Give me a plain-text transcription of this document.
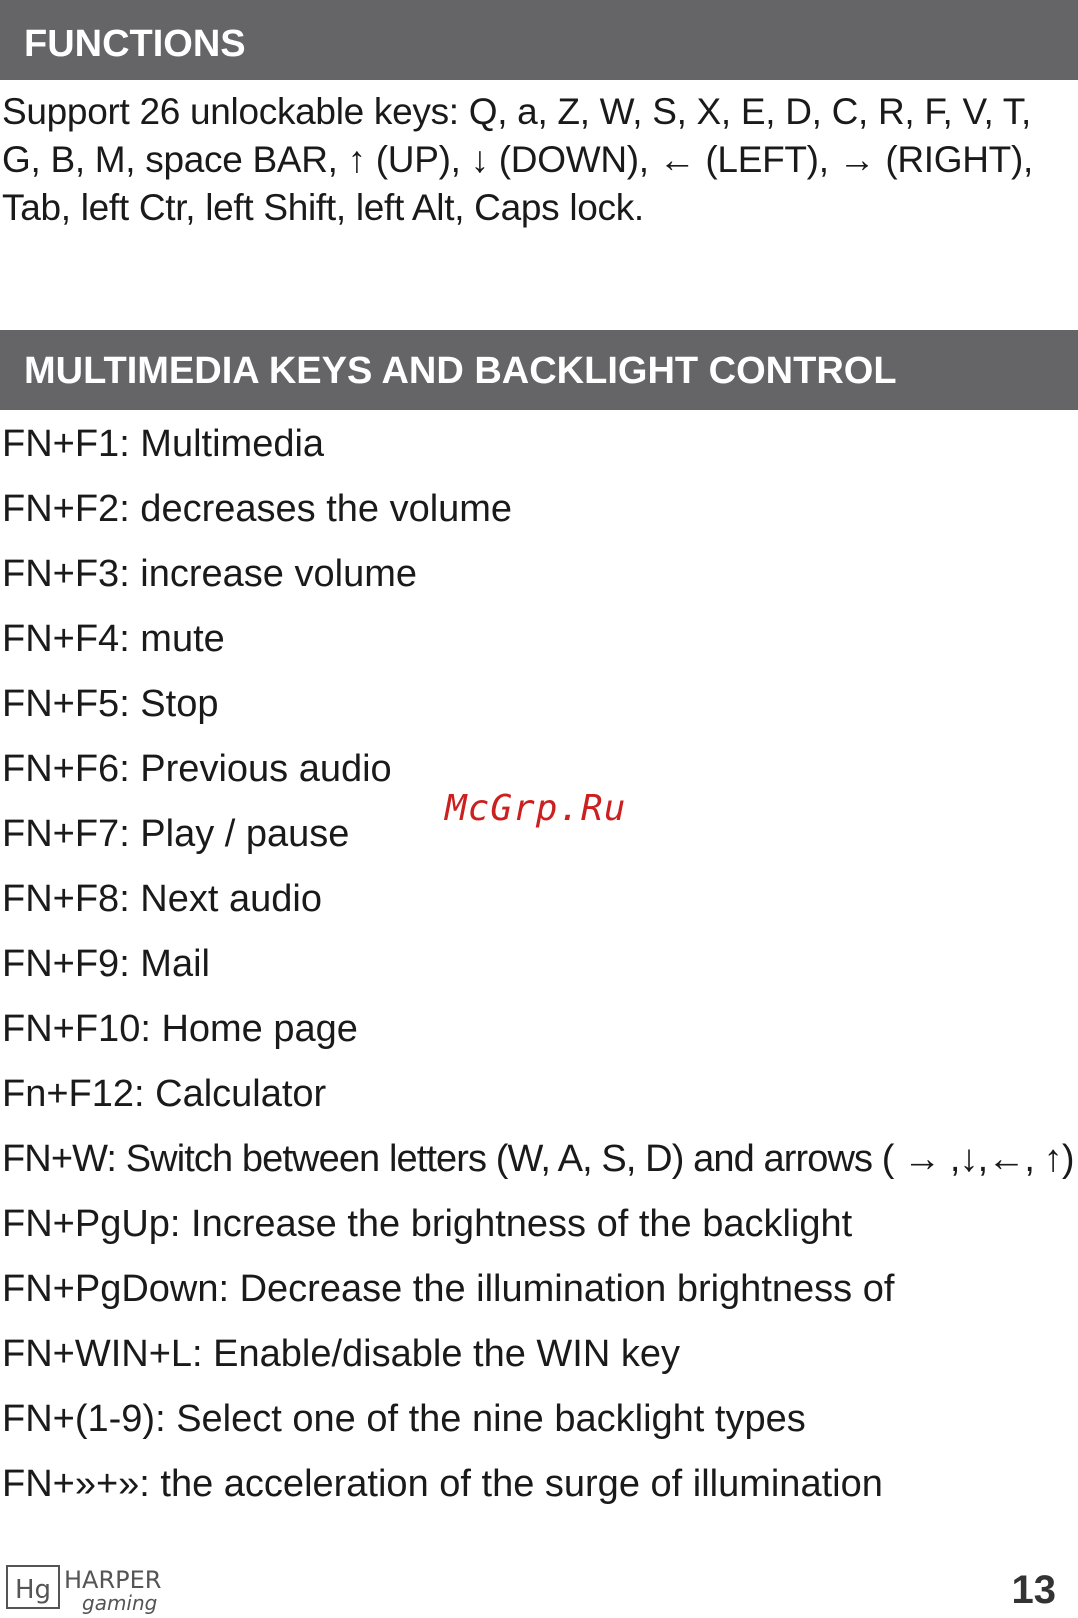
FUNCTIONS
Support 26 unlockable keys: Q, a, Z, W, S, X, E, D, C, R, F, V, T,
G, B, M, space BAR, ↑ (UP), ↓ (DOWN), ← (LEFT), → (RIGHT),
Tab, left Ctr, left Shift, left Alt, Caps lock.
MULTIMEDIA KEYS AND BACKLIGHT CONTROL
FN+F1: Multimedia
FN+F2: decreases the volume
FN+F3: increase volume
FN+F4: mute
FN+F5: Stop
FN+F6: Previous audio
FN+F7: Play / pause
FN+F8: Next audio
FN+F9: Mail
FN+F10: Home page
Fn+F12: Calculator
FN+W: Switch between letters (W, A, S, D) and arrows ( → ,↓,←, ↑)
FN+PgUp: Increase the brightness of the backlight
FN+PgDown: Decrease the illumination brightness of
FN+WIN+L: Enable/disable the WIN key
FN+(1-9): Select one of the nine backlight types
FN+»+»: the acceleration of the surge of illumination
McGrp.Ru
Hg HARPER
gaming	13
